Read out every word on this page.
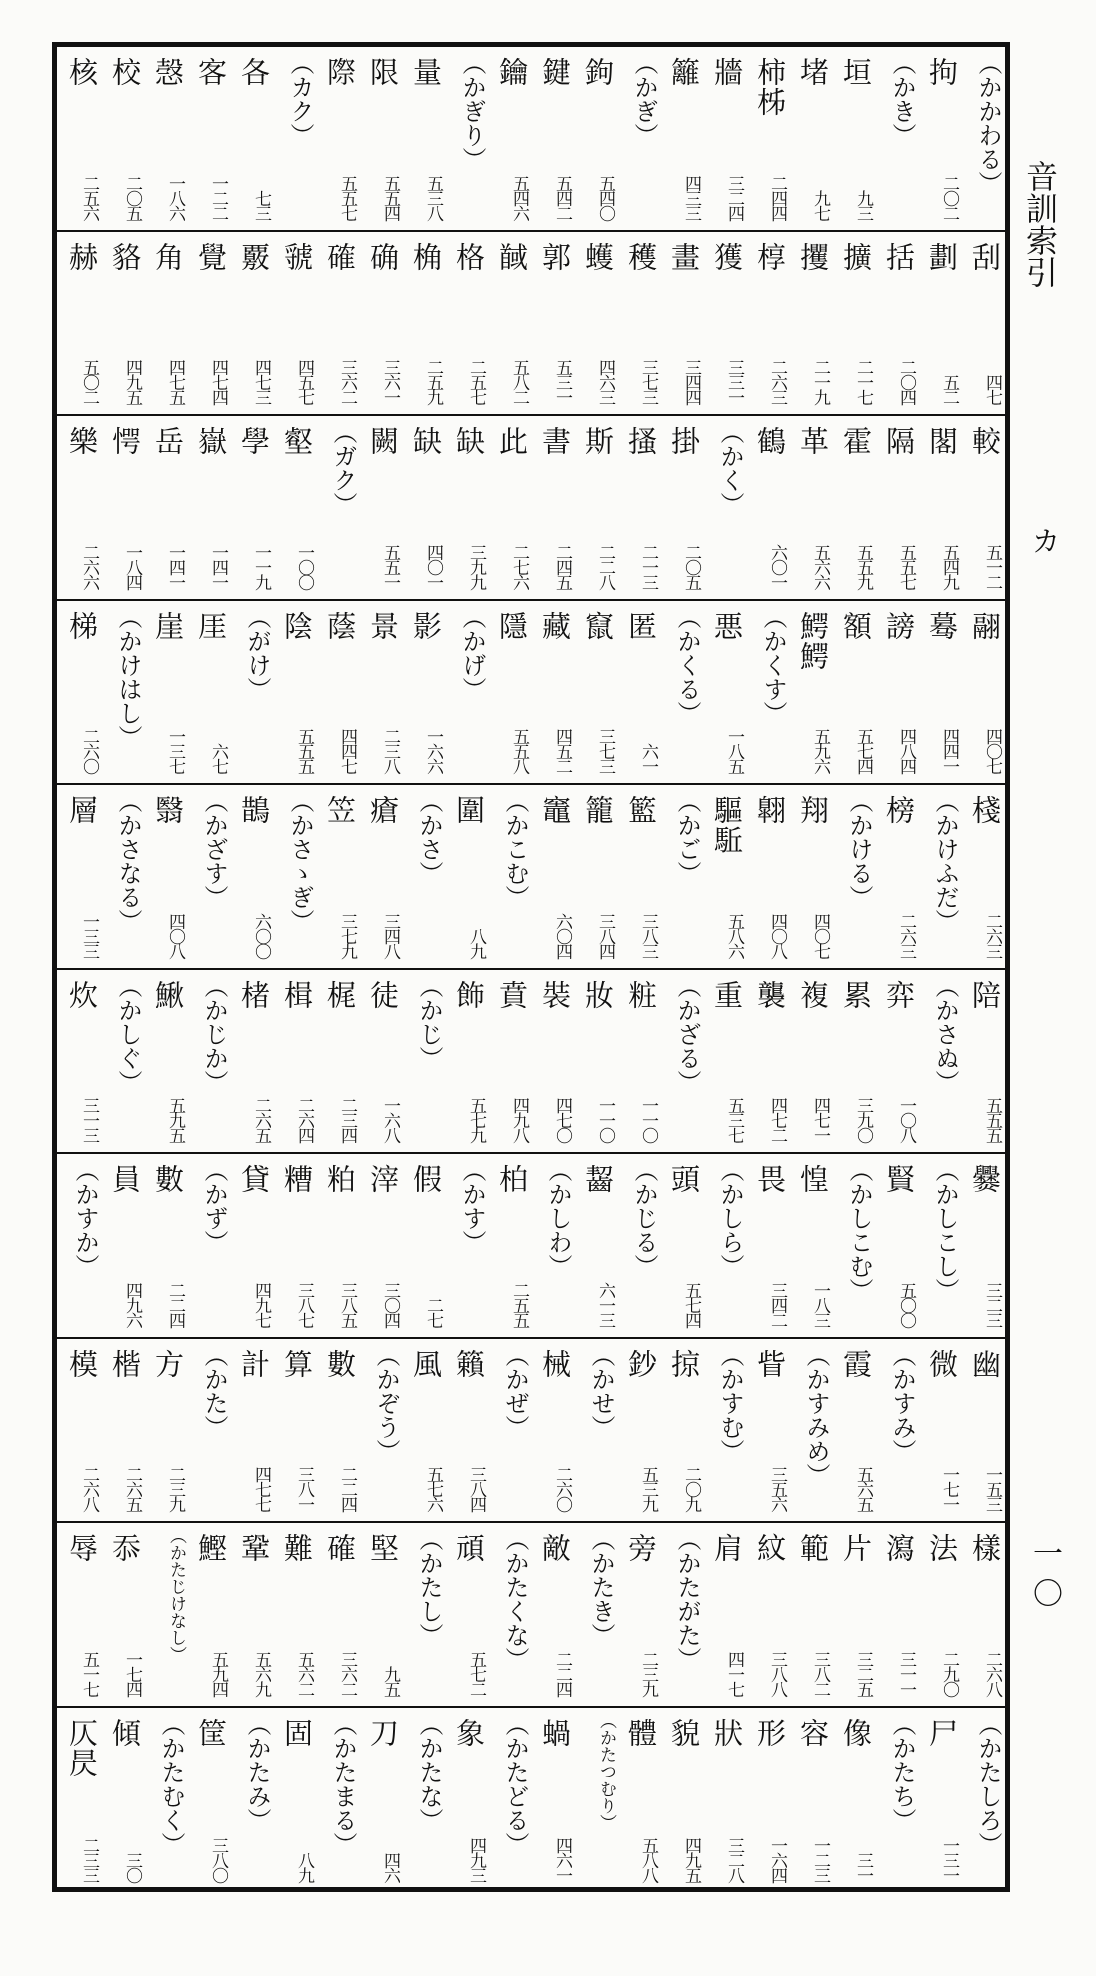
音訓索引
カ
一〇
（かかわる）
拘
二〇二
（かき）
垣
九三
堵
九七
柿柹
二四四
牆
三二四
籬
四三三
（かぎ）
鉤
五四〇
鍵
五四二
鑰
五四六
（かぎり）
量
五三八
限
五五四
際
五五七
（カク）
各
七三
客
一二二
愨
一八六
校
二〇五
核
二五六
刮
四七
劃
五二
括
二〇四
擴
二一七
攫
二一九
椁
二六三
獲
三三一
畫
三四四
穫
三七三
蠖
四六三
郭
五三一
馘
五八二
格
二五七
桷
二五九
确
三六一
確
三六二
虢
四五七
覈
四七三
覺
四七四
角
四七五
貉
四九五
赫
五〇二
較
五一二
閣
五四九
隔
五五七
霍
五五九
革
五六六
鶴
六〇一
（かく）
掛
二〇五
搔
二一三
斯
二二八
書
二四五
此
二七六
缺
三九九
缺
四〇一
闕
五五一
（ガク）
壑
一〇〇
學
一一九
嶽
一四一
岳
一四一
愕
一八四
樂
二六六
翮
四〇七
蓦
四四一
謗
四八四
額
五七四
鰐鰐
五九六
（かくす）
悪
一八五
（かくる）
匿
六一
竄
三七三
藏
四五二
隱
五五八
（かげ）
影
一六六
景
二三八
蔭
四四七
陰
五五五
（がけ）
厓
六七
崖
一三七
（かけはし）
梯
二六〇
棧
二六三
（かけふだ）
榜
二六三
（かける）
翔
四〇七
翺
四〇八
驅駈
五八六
（かご）
籃
三八三
籠
三八四
竈
六〇四
（かこむ）
圍
八九
（かさ）
瘡
三四八
笠
三七九
（かさゝぎ）
鵲
六〇〇
（かざす）
翳
四〇八
（かさなる）
層
一三三
陪
五五五
（かさぬ）
弈
一〇八
累
三九〇
複
四七一
襲
四七二
重
五三七
（かざる）
粧
一一〇
妝
一一〇
裝
四七〇
賁
四九八
飾
五七九
（かじ）
徒
一六八
梶
二三四
楫
二六四
楮
二六五
（かじか）
鰍
五九五
（かしぐ）
炊
三一三
爨
三二三
（かしこし）
賢
五〇〇
（かしこむ）
惶
一八三
畏
三四二
（かしら）
頭
五七四
（かじる）
齧
六一三
（かしわ）
柏
二五五
（かす）
假
二七
滓
三〇四
粕
三八五
糟
三八七
貸
四九七
（かず）
數
二二四
員
四九六
（かすか）
幽
一五三
微
一七一
（かすみ）
霞
五六五
（かすみめ）
眥
三五六
（かすむ）
掠
二〇九
鈔
五三九
（かせ）
械
二六〇
（かぜ）
籟
三八四
風
五七六
（かぞう）
數
二二四
算
三八一
計
四七七
（かた）
方
二三九
楷
二六五
模
二六八
樣
二六八
法
二九〇
瀉
三一一
片
三二五
範
三八二
紋
三八八
肩
四一七
（かたがた）
旁
二三九
（かたき）
敵
二二四
（かたくな）
頑
五七二
（かたし）
堅
九五
確
三六二
難
五六二
鞏
五六九
鰹
五九四
（かたじけなし）
忝
一七四
辱
五一七
（かたしろ）
尸
一三一
（かたち）
像
三一
容
一二三
形
一六四
狀
三二八
貌
四九五
體
五八八
（かたつむり）
蝸
四六一
（かたどる）
象
四九三
（かたな）
刀
四六
（かたまる）
固
八九
（かたみ）
筐
三八〇
（かたむく）
傾
三〇
仄昃
二三三
